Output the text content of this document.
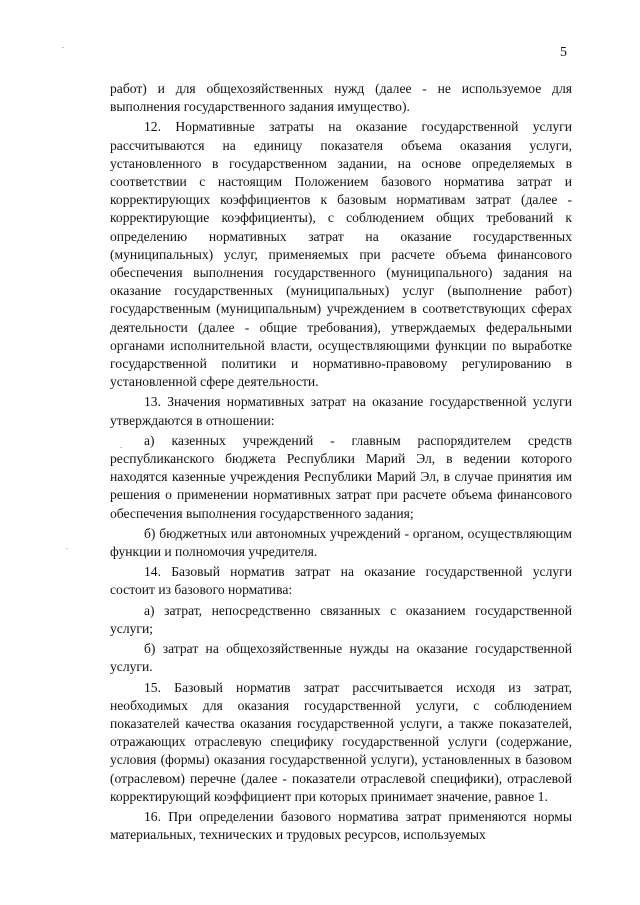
5

работ) и для общехозяйственных нужд (далее - не используемое для выполнения государственного задания имущество).

12. Нормативные затраты на оказание государственной услуги рассчитываются на единицу показателя объема оказания услуги, установленного в государственном задании, на основе определяемых в соответствии с настоящим Положением базового норматива затрат и корректирующих коэффициентов к базовым нормативам затрат (далее - корректирующие коэффициенты), с соблюдением общих требований к определению нормативных затрат на оказание государственных (муниципальных) услуг, применяемых при расчете объема финансового обеспечения выполнения государственного (муниципального) задания на оказание государственных (муниципальных) услуг (выполнение работ) государственным (муниципальным) учреждением в соответствующих сферах деятельности (далее - общие требования), утверждаемых федеральными органами исполнительной власти, осуществляющими функции по выработке государственной политики и нормативно-правовому регулированию в установленной сфере деятельности.

13. Значения нормативных затрат на оказание государственной услуги утверждаются в отношении:

а) казенных учреждений - главным распорядителем средств республиканского бюджета Республики Марий Эл, в ведении которого находятся казенные учреждения Республики Марий Эл, в случае принятия им решения о применении нормативных затрат при расчете объема финансового обеспечения выполнения государственного задания;

б) бюджетных или автономных учреждений - органом, осуществляющим функции и полномочия учредителя.

14. Базовый норматив затрат на оказание государственной услуги состоит из базового норматива:

а) затрат, непосредственно связанных с оказанием государственной услуги;

б) затрат на общехозяйственные нужды на оказание государственной услуги.

15. Базовый норматив затрат рассчитывается исходя из затрат, необходимых для оказания государственной услуги, с соблюдением показателей качества оказания государственной услуги, а также показателей, отражающих отраслевую специфику государственной услуги (содержание, условия (формы) оказания государственной услуги), установленных в базовом (отраслевом) перечне (далее - показатели отраслевой специфики), отраслевой корректирующий коэффициент при которых принимает значение, равное 1.

16. При определении базового норматива затрат применяются нормы материальных, технических и трудовых ресурсов, используемых
